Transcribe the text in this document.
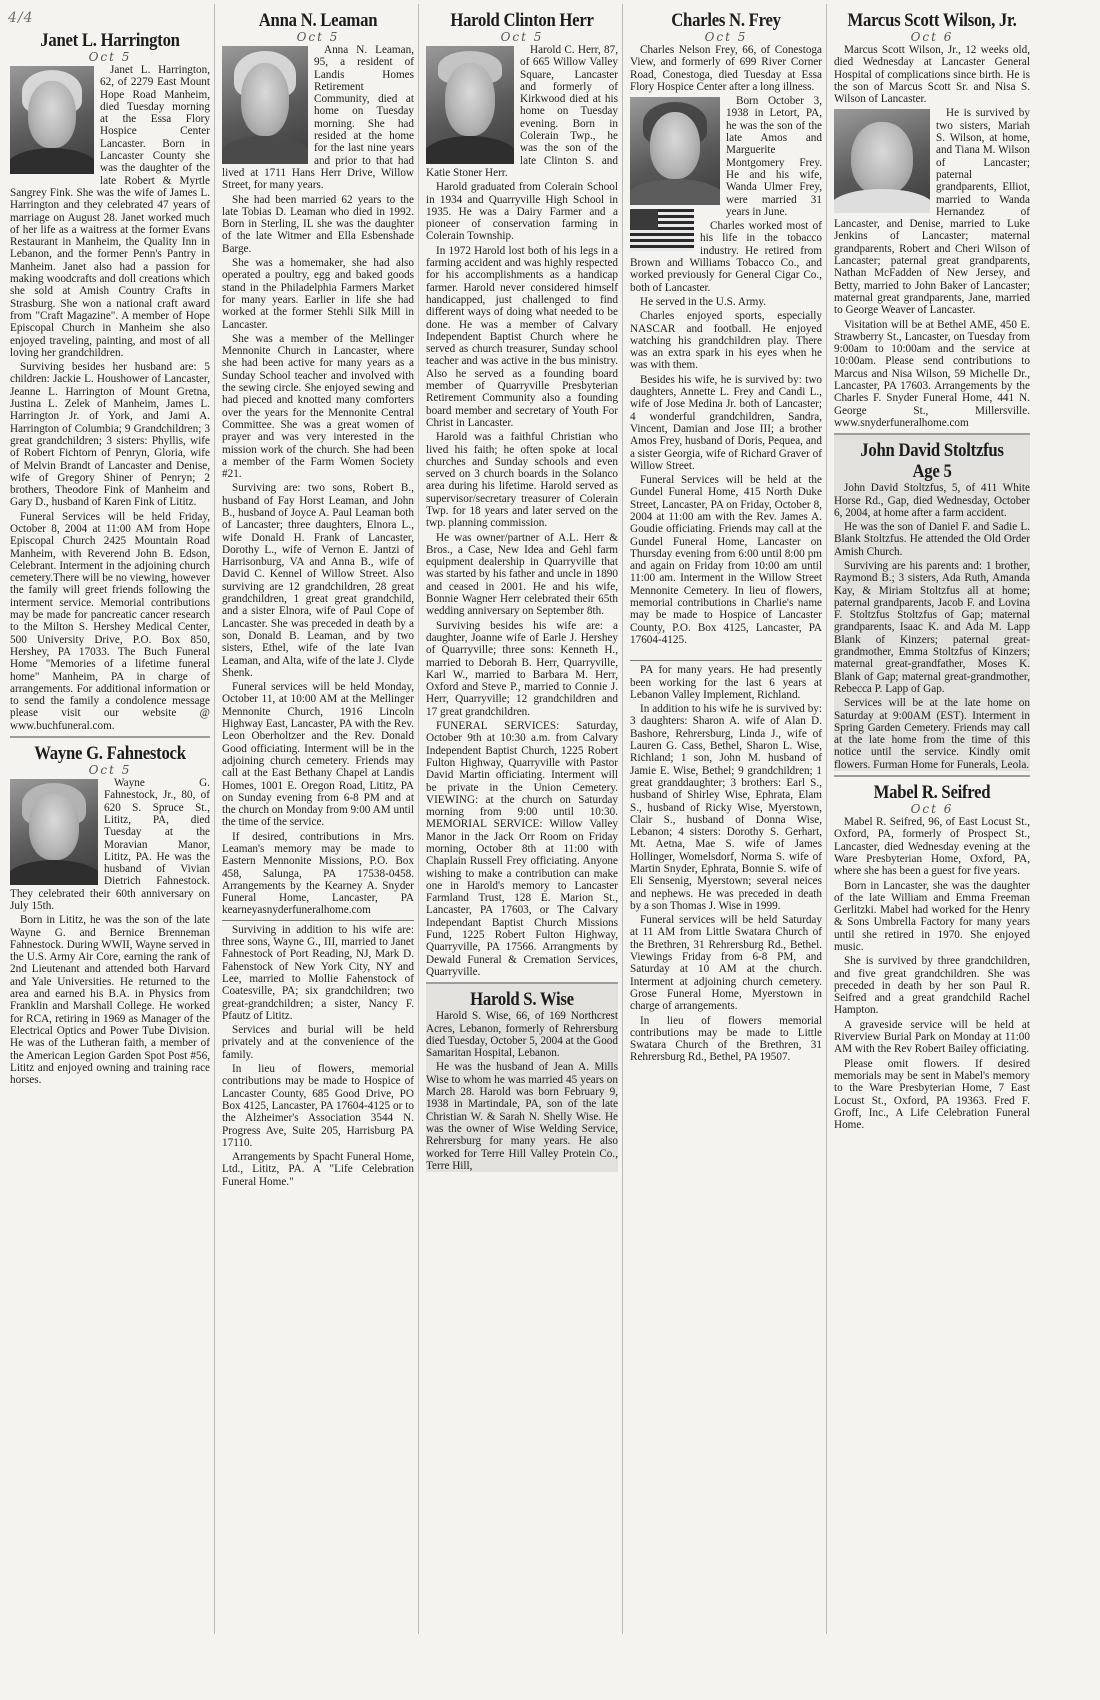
4/4
Janet L. Harrington
Oct 5

Janet L. Harrington, 62, of 2279 East Mount Hope Road Manheim, died Tuesday morning at the Essa Flory Hospice Center Lancaster. Born in Lancaster County she was the daughter of the late Robert & Myrtle Sangrey Fink. She was the wife of James L. Harrington and they celebrated 47 years of marriage on August 28. Janet worked much of her life as a waitress at the former Evans Restaurant in Manheim, the Quality Inn in Lebanon, and the former Penn's Pantry in Manheim. Janet also had a passion for making woodcrafts and doll creations which she sold at Amish Country Crafts in Strasburg. She won a national craft award from "Craft Magazine". A member of Hope Episcopal Church in Manheim she also enjoyed traveling, painting, and most of all loving her grandchildren.

Surviving besides her husband are: 5 children: Jackie L. Houshower of Lancaster, Jeanne L. Harrington of Mount Gretna, Justina L. Zelek of Manheim, James L. Harrington Jr. of York, and Jami A. Harrington of Columbia; 9 Grandchildren; 3 great grandchildren; 3 sisters: Phyllis, wife of Robert Fichtorn of Penryn, Gloria, wife of Melvin Brandt of Lancaster and Denise, wife of Gregory Shiner of Penryn; 2 brothers, Theodore Fink of Manheim and Gary D., husband of Karen Fink of Lititz.

Funeral Services will be held Friday, October 8, 2004 at 11:00 AM from Hope Episcopal Church 2425 Mountain Road Manheim, with Reverend John B. Edson, Celebrant. Interment in the adjoining church cemetery.There will be no viewing, however the family will greet friends following the interment service. Memorial contributions may be made for pancreatic cancer research to the Milton S. Hershey Medical Center, 500 University Drive, P.O. Box 850, Hershey, PA 17033. The Buch Funeral Home "Memories of a lifetime funeral home" Manheim, PA in charge of arrangements. For additional information or to send the family a condolence message please visit our website @ www.buchfuneral.com.

Wayne G. Fahnestock
Oct 5

Wayne G. Fahnestock, Jr., 80, of 620 S. Spruce St., Lititz, PA, died Tuesday at the Moravian Manor, Lititz, PA. He was the husband of Vivian Dietrich Fahnestock. They celebrated their 60th anniversary on July 15th.

Born in Lititz, he was the son of the late Wayne G. and Bernice Brenneman Fahnestock. During WWII, Wayne served in the U.S. Army Air Core, earning the rank of 2nd Lieutenant and attended both Harvard and Yale Universities. He returned to the area and earned his B.A. in Physics from Franklin and Marshall College. He worked for RCA, retiring in 1969 as Manager of the Electrical Optics and Power Tube Division. He was of the Lutheran faith, a member of the American Legion Garden Spot Post #56, Lititz and enjoyed owning and training race horses.

Anna N. Leaman
Oct 5

Anna N. Leaman, 95, a resident of Landis Homes Retirement Community, died at home on Tuesday morning. She had resided at the home for the last nine years and prior to that had lived at 1711 Hans Herr Drive, Willow Street, for many years.

She had been married 62 years to the late Tobias D. Leaman who died in 1992. Born in Sterling, IL she was the daughter of the late Witmer and Ella Esbenshade Barge.

She was a homemaker, she had also operated a poultry, egg and baked goods stand in the Philadelphia Farmers Market for many years. Earlier in life she had worked at the former Stehli Silk Mill in Lancaster.

She was a member of the Mellinger Mennonite Church in Lancaster, where she had been active for many years as a Sunday School teacher and involved with the sewing circle. She enjoyed sewing and had pieced and knotted many comforters over the years for the Mennonite Central Committee. She was a great women of prayer and was very interested in the mission work of the church. She had been a member of the Farm Women Society #21.

Surviving are: two sons, Robert B., husband of Fay Horst Leaman, and John B., husband of Joyce A. Paul Leaman both of Lancaster; three daughters, Elnora L., wife Donald H. Frank of Lancaster, Dorothy L., wife of Vernon E. Jantzi of Harrisonburg, VA and Anna B., wife of David C. Kennel of Willow Street. Also surviving are 12 grandchildren, 28 great grandchildren, 1 great great grandchild, and a sister Elnora, wife of Paul Cope of Lancaster. She was preceded in death by a son, Donald B. Leaman, and by two sisters, Ethel, wife of the late Ivan Leaman, and Alta, wife of the late J. Clyde Shenk.

Funeral services will be held Monday, October 11, at 10:00 AM at the Mellinger Mennonite Church, 1916 Lincoln Highway East, Lancaster, PA with the Rev. Leon Oberholtzer and the Rev. Donald Good officiating. Interment will be in the adjoining church cemetery. Friends may call at the East Bethany Chapel at Landis Homes, 1001 E. Oregon Road, Lititz, PA on Sunday evening from 6-8 PM and at the church on Monday from 9:00 AM until the time of the service.

If desired, contributions in Mrs. Leaman's memory may be made to Eastern Mennonite Missions, P.O. Box 458, Salunga, PA 17538-0458. Arrangements by the Kearney A. Snyder Funeral Home, Lancaster, PA kearneyasnyderfuneralhome.com

Surviving in addition to his wife are: three sons, Wayne G., III, married to Janet Fahnestock of Port Reading, NJ, Mark D. Fahenstock of New York City, NY and Lee, married to Mollie Fahenstock of Coatesville, PA; six grandchildren; two great-grandchildren; a sister, Nancy F. Pfautz of Lititz.

Services and burial will be held privately and at the convenience of the family.

In lieu of flowers, memorial contributions may be made to Hospice of Lancaster County, 685 Good Drive, PO Box 4125, Lancaster, PA 17604-4125 or to the Alzheimer's Association 3544 N. Progress Ave, Suite 205, Harrisburg PA 17110.

Arrangements by Spacht Funeral Home, Ltd., Lititz, PA. A "Life Celebration Funeral Home."

Harold Clinton Herr
Oct 5

Harold C. Herr, 87, of 665 Willow Valley Square, Lancaster and formerly of Kirkwood died at his home on Tuesday evening. Born in Colerain Twp., he was the son of the late Clinton S. and Katie Stoner Herr.

Harold graduated from Colerain School in 1934 and Quarryville High School in 1935. He was a Dairy Farmer and a pioneer of conservation farming in Colerain Township.

In 1972 Harold lost both of his legs in a farming accident and was highly respected for his accomplishments as a handicap farmer. Harold never considered himself handicapped, just challenged to find different ways of doing what needed to be done. He was a member of Calvary Independent Baptist Church where he served as church treasurer, Sunday school teacher and was active in the bus ministry. Also he served as a founding board member of Quarryville Presbyterian Retirement Community also a founding board member and secretary of Youth For Christ in Lancaster.

Harold was a faithful Christian who lived his faith; he often spoke at local churches and Sunday schools and even served on 3 church boards in the Solanco area during his lifetime. Harold served as supervisor/secretary treasurer of Colerain Twp. for 18 years and later served on the twp. planning commission.

He was owner/partner of A.L. Herr & Bros., a Case, New Idea and Gehl farm equipment dealership in Quarryville that was started by his father and uncle in 1890 and ceased in 2001. He and his wife, Bonnie Wagner Herr celebrated their 65th wedding anniversary on September 8th.

Surviving besides his wife are: a daughter, Joanne wife of Earle J. Hershey of Quarryville; three sons: Kenneth H., married to Deborah B. Herr, Quarryville, Karl W., married to Barbara M. Herr, Oxford and Steve P., married to Connie J. Herr, Quarryville; 12 grandchildren and 17 great grandchildren.

FUNERAL SERVICES: Saturday, October 9th at 10:30 a.m. from Calvary Independent Baptist Church, 1225 Robert Fulton Highway, Quarryville with Pastor David Martin officiating. Interment will be private in the Union Cemetery. VIEWING: at the church on Saturday morning from 9:00 until 10:30. MEMORIAL SERVICE: Willow Valley Manor in the Jack Orr Room on Friday morning, October 8th at 11:00 with Chaplain Russell Frey officiating. Anyone wishing to make a contribution can make one in Harold's memory to Lancaster Farmland Trust, 128 E. Marion St., Lancaster, PA 17603, or The Calvary Independant Baptist Church Missions Fund, 1225 Robert Fulton Highway, Quarryville, PA 17566. Arrangments by Dewald Funeral & Cremation Services, Quarryville.

Harold S. Wise

Harold S. Wise, 66, of 169 Northcrest Acres, Lebanon, formerly of Rehrersburg died Tuesday, October 5, 2004 at the Good Samaritan Hospital, Lebanon.

He was the husband of Jean A. Mills Wise to whom he was married 45 years on March 28. Harold was born February 9, 1938 in Martindale, PA, son of the late Christian W. & Sarah N. Shelly Wise. He was the owner of Wise Welding Service, Rehrersburg for many years. He also worked for Terre Hill Valley Protein Co., Terre Hill,

Charles N. Frey
Oct 5

Charles Nelson Frey, 66, of Conestoga View, and formerly of 699 River Corner Road, Conestoga, died Tuesday at Essa Flory Hospice Center after a long illness.

Born October 3, 1938 in Letort, PA, he was the son of the late Amos and Marguerite Montgomery Frey. He and his wife, Wanda Ulmer Frey, were married 31 years in June.

Charles worked most of his life in the tobacco industry. He retired from Brown and Williams Tobacco Co., and worked previously for General Cigar Co., both of Lancaster.

He served in the U.S. Army.

Charles enjoyed sports, especially NASCAR and football. He enjoyed watching his grandchildren play. There was an extra spark in his eyes when he was with them.

Besides his wife, he is survived by: two daughters, Annette L. Frey and Candi L., wife of Jose Medina Jr. both of Lancaster; 4 wonderful grandchildren, Sandra, Vincent, Damian and Jose III; a brother Amos Frey, husband of Doris, Pequea, and a sister Georgia, wife of Richard Graver of Willow Street.

Funeral Services will be held at the Gundel Funeral Home, 415 North Duke Street, Lancaster, PA on Friday, October 8, 2004 at 11:00 am with the Rev. James A. Goudie officiating. Friends may call at the Gundel Funeral Home, Lancaster on Thursday evening from 6:00 until 8:00 pm and again on Friday from 10:00 am until 11:00 am. Interment in the Willow Street Mennonite Cemetery. In lieu of flowers, memorial contributions in Charlie's name may be made to Hospice of Lancaster County, P.O. Box 4125, Lancaster, PA 17604-4125.

PA for many years. He had presently been working for the last 6 years at Lebanon Valley Implement, Richland.

In addition to his wife he is survived by: 3 daughters: Sharon A. wife of Alan D. Bashore, Rehrersburg, Linda J., wife of Lauren G. Cass, Bethel, Sharon L. Wise, Richland; 1 son, John M. husband of Jamie E. Wise, Bethel; 9 grandchildren; 1 great granddaughter; 3 brothers: Earl S., husband of Shirley Wise, Ephrata, Elam S., husband of Ricky Wise, Myerstown, Clair S., husband of Donna Wise, Lebanon; 4 sisters: Dorothy S. Gerhart, Mt. Aetna, Mae S. wife of James Hollinger, Womelsdorf, Norma S. wife of Martin Snyder, Ephrata, Bonnie S. wife of Eli Sensenig, Myerstown; several neices and nephews. He was preceded in death by a son Thomas J. Wise in 1999.

Funeral services will be held Saturday at 11 AM from Little Swatara Church of the Brethren, 31 Rehrersburg Rd., Bethel. Viewings Friday from 6-8 PM, and Saturday at 10 AM at the church. Interment at adjoining church cemetery. Grose Funeral Home, Myerstown in charge of arrangements.

In lieu of flowers memorial contributions may be made to Little Swatara Church of the Brethren, 31 Rehrersburg Rd., Bethel, PA 19507.

Marcus Scott Wilson, Jr.
Oct 6

Marcus Scott Wilson, Jr., 12 weeks old, died Wednesday at Lancaster General Hospital of complications since birth. He is the son of Marcus Scott Sr. and Nisa S. Wilson of Lancaster.

He is survived by two sisters, Mariah S. Wilson, at home, and Tiana M. Wilson of Lancaster; paternal grandparents, Elliot, married to Wanda Hernandez of Lancaster, and Denise, married to Luke Jenkins of Lancaster; maternal grandparents, Robert and Cheri Wilson of Lancaster; paternal great grandparents, Nathan McFadden of New Jersey, and Betty, married to John Baker of Lancaster; maternal great grandparents, Jane, married to George Weaver of Lancaster.

Visitation will be at Bethel AME, 450 E. Strawberry St., Lancaster, on Tuesday from 9:00am to 10:00am and the service at 10:00am. Please send contributions to Marcus and Nisa Wilson, 59 Michelle Dr., Lancaster, PA 17603. Arrangements by the Charles F. Snyder Funeral Home, 441 N. George St., Millersville. www.snyderfuneralhome.com

John David Stoltzfus
Age 5

John David Stoltzfus, 5, of 411 White Horse Rd., Gap, died Wednesday, October 6, 2004, at home after a farm accident.

He was the son of Daniel F. and Sadie L. Blank Stoltzfus. He attended the Old Order Amish Church.

Surviving are his parents and: 1 brother, Raymond B.; 3 sisters, Ada Ruth, Amanda Kay, & Miriam Stoltzfus all at home; paternal grandparents, Jacob F. and Lovina F. Stoltzfus Stoltzfus of Gap; maternal grandparents, Isaac K. and Ada M. Lapp Blank of Kinzers; paternal great-grandmother, Emma Stoltzfus of Kinzers; maternal great-grandfather, Moses K. Blank of Gap; maternal great-grandmother, Rebecca P. Lapp of Gap.

Services will be at the late home on Saturday at 9:00AM (EST). Interment in Spring Garden Cemetery. Friends may call at the late home from the time of this notice until the service. Kindly omit flowers. Furman Home for Funerals, Leola.

Mabel R. Seifred
Oct 6

Mabel R. Seifred, 96, of East Locust St., Oxford, PA, formerly of Prospect St., Lancaster, died Wednesday evening at the Ware Presbyterian Home, Oxford, PA, where she has been a guest for five years.

Born in Lancaster, she was the daughter of the late William and Emma Freeman Gerlitzki. Mabel had worked for the Henry & Sons Umbrella Factory for many years until she retired in 1970. She enjoyed music.

She is survived by three grandchildren, and five great grandchildren. She was preceded in death by her son Paul R. Seifred and a great grandchild Rachel Hampton.

A graveside service will be held at Riverview Burial Park on Monday at 11:00 AM with the Rev Robert Bailey officiating.

Please omit flowers. If desired memorials may be sent in Mabel's memory to the Ware Presbyterian Home, 7 East Locust St., Oxford, PA 19363. Fred F. Groff, Inc., A Life Celebration Funeral Home.
